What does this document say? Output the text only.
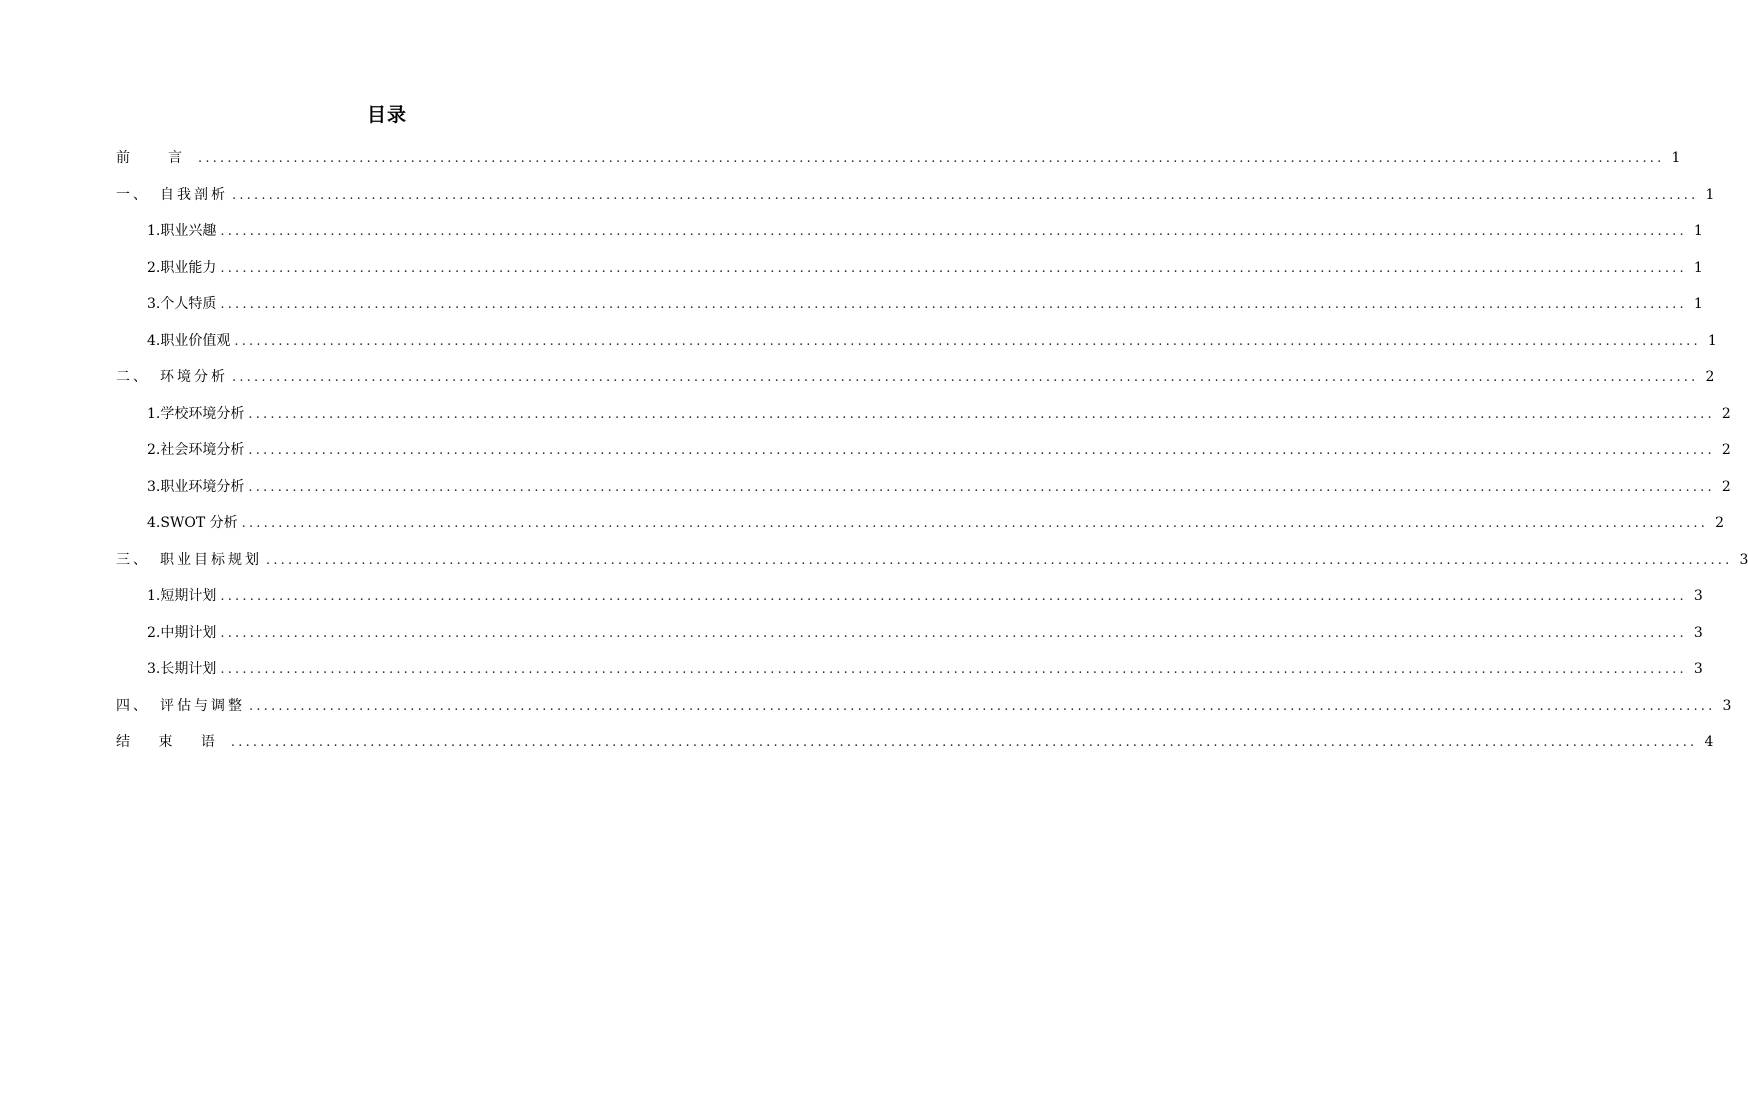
目录
前　言 ........................................................................................................................................................................................................ 1
一、　自我剖析 ........................................................................................................................................................................................................ 1
1.职业兴趣 ........................................................................................................................................................................................................ 1
2.职业能力 ........................................................................................................................................................................................................ 1
3.个人特质 ........................................................................................................................................................................................................ 1
4.职业价值观 ........................................................................................................................................................................................................ 1
二、　环境分析 ........................................................................................................................................................................................................ 2
1.学校环境分析 ........................................................................................................................................................................................................ 2
2.社会环境分析 ........................................................................................................................................................................................................ 2
3.职业环境分析 ........................................................................................................................................................................................................ 2
4.SWOT 分析 ........................................................................................................................................................................................................ 2
三、　职业目标规划 ........................................................................................................................................................................................................ 3
1.短期计划 ........................................................................................................................................................................................................ 3
2.中期计划 ........................................................................................................................................................................................................ 3
3.长期计划 ........................................................................................................................................................................................................ 3
四、　评估与调整 ........................................................................................................................................................................................................ 3
结 束 语 ........................................................................................................................................................................................................ 4
